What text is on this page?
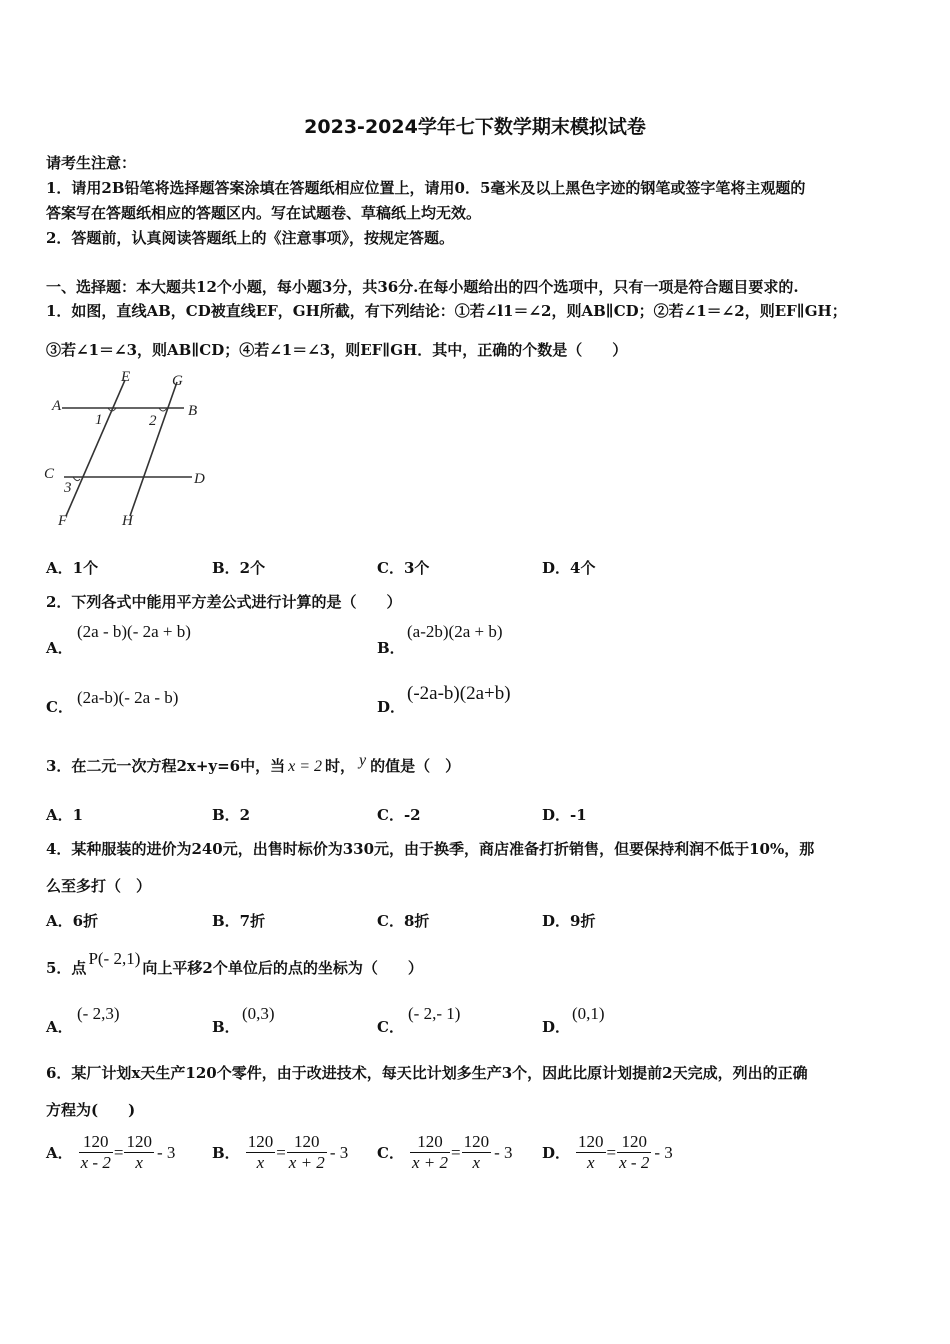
2023-2024学年七下数学期末模拟试卷
请考生注意：
1．请用2B铅笔将选择题答案涂填在答题纸相应位置上，请用0．5毫米及以上黑色字迹的钢笔或签字笔将主观题的
答案写在答题纸相应的答题区内。写在试题卷、草稿纸上均无效。
2．答题前，认真阅读答题纸上的《注意事项》，按规定答题。
一、选择题：本大题共12个小题，每小题3分，共36分.在每小题给出的四个选项中，只有一项是符合题目要求的.
1．如图，直线AB，CD被直线EF，GH所截，有下列结论：①若∠l1＝∠2，则AB∥CD；②若∠1＝∠2，则EF∥GH；
③若∠1＝∠3，则AB∥CD；④若∠1＝∠3，则EF∥GH．其中，正确的个数是（　　）
A	B
C	D
E
F
G
H
1	2
3
A．1个	B．2个	C．3个	D．4个
2．下列各式中能用平方差公式进行计算的是（　　）
A．
(2a - b)(- 2a + b)
B．
(a-2b)(2a + b)
C． (2a-b)(- 2a - b)	D．
(-2a-b)(2a+b)
3．在二元一次方程2x+y=6中，当 x = 2 时， y 的值是（　）
A．1	B．2	C．-2	D．-1
4．某种服装的进价为240元，出售时标价为330元，由于换季，商店准备打折销售，但要保持利润不低于10%，那
么至多打（　）
A．6折	B．7折	C．8折	D．9折
5．点 P(- 2,1) 向上平移2个单位后的点的坐标为（　　）
A．
(- 2,3)
B．
(0,3)
C．
(- 2,- 1)
D．
(0,1)
6．某厂计划x天生产120个零件，由于改进技术，每天比计划多生产3个，因此比原计划提前2天完成，列出的正确
方程为(　　)
A． $\frac{120}{x - 2} = \frac{120}{x} - 3$ B． $\frac{120}{x} = \frac{120}{x + 2} - 3$ C． $\frac{120}{x + 2} = \frac{120}{x} - 3$ D． $\frac{120}{x} = \frac{120}{x - 2} - 3$
